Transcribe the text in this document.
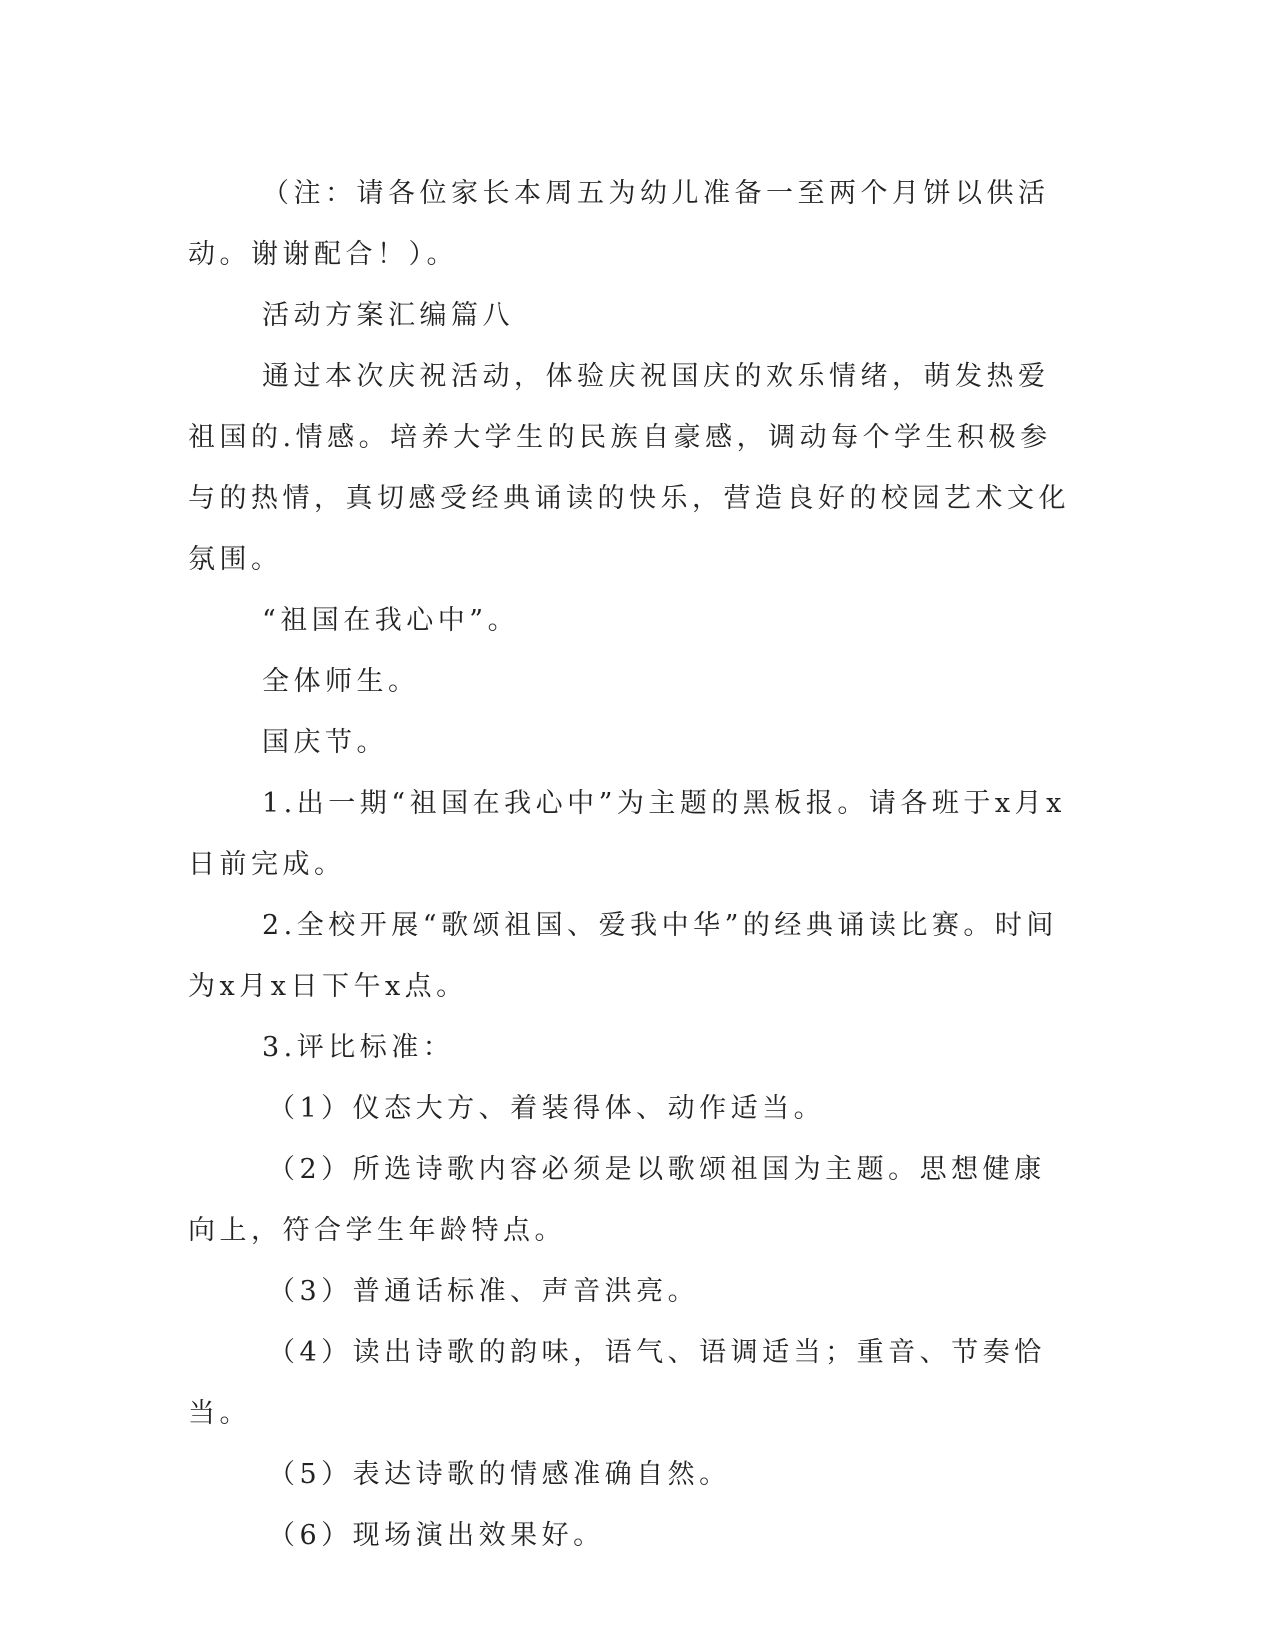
（注：请各位家长本周五为幼儿准备一至两个月饼以供活动。谢谢配合！）。

活动方案汇编篇八

通过本次庆祝活动，体验庆祝国庆的欢乐情绪，萌发热爱祖国的.情感。培养大学生的民族自豪感，调动每个学生积极参与的热情，真切感受经典诵读的快乐，营造良好的校园艺术文化氛围。

“祖国在我心中”。

全体师生。

国庆节。

1.出一期“祖国在我心中”为主题的黑板报。请各班于x月x日前完成。

2.全校开展“歌颂祖国、爱我中华”的经典诵读比赛。时间为x月x日下午x点。

3.评比标准：

（1）仪态大方、着装得体、动作适当。

（2）所选诗歌内容必须是以歌颂祖国为主题。思想健康向上，符合学生年龄特点。

（3）普通话标准、声音洪亮。

（4）读出诗歌的韵味，语气、语调适当；重音、节奏恰当。

（5）表达诗歌的情感准确自然。

（6）现场演出效果好。
